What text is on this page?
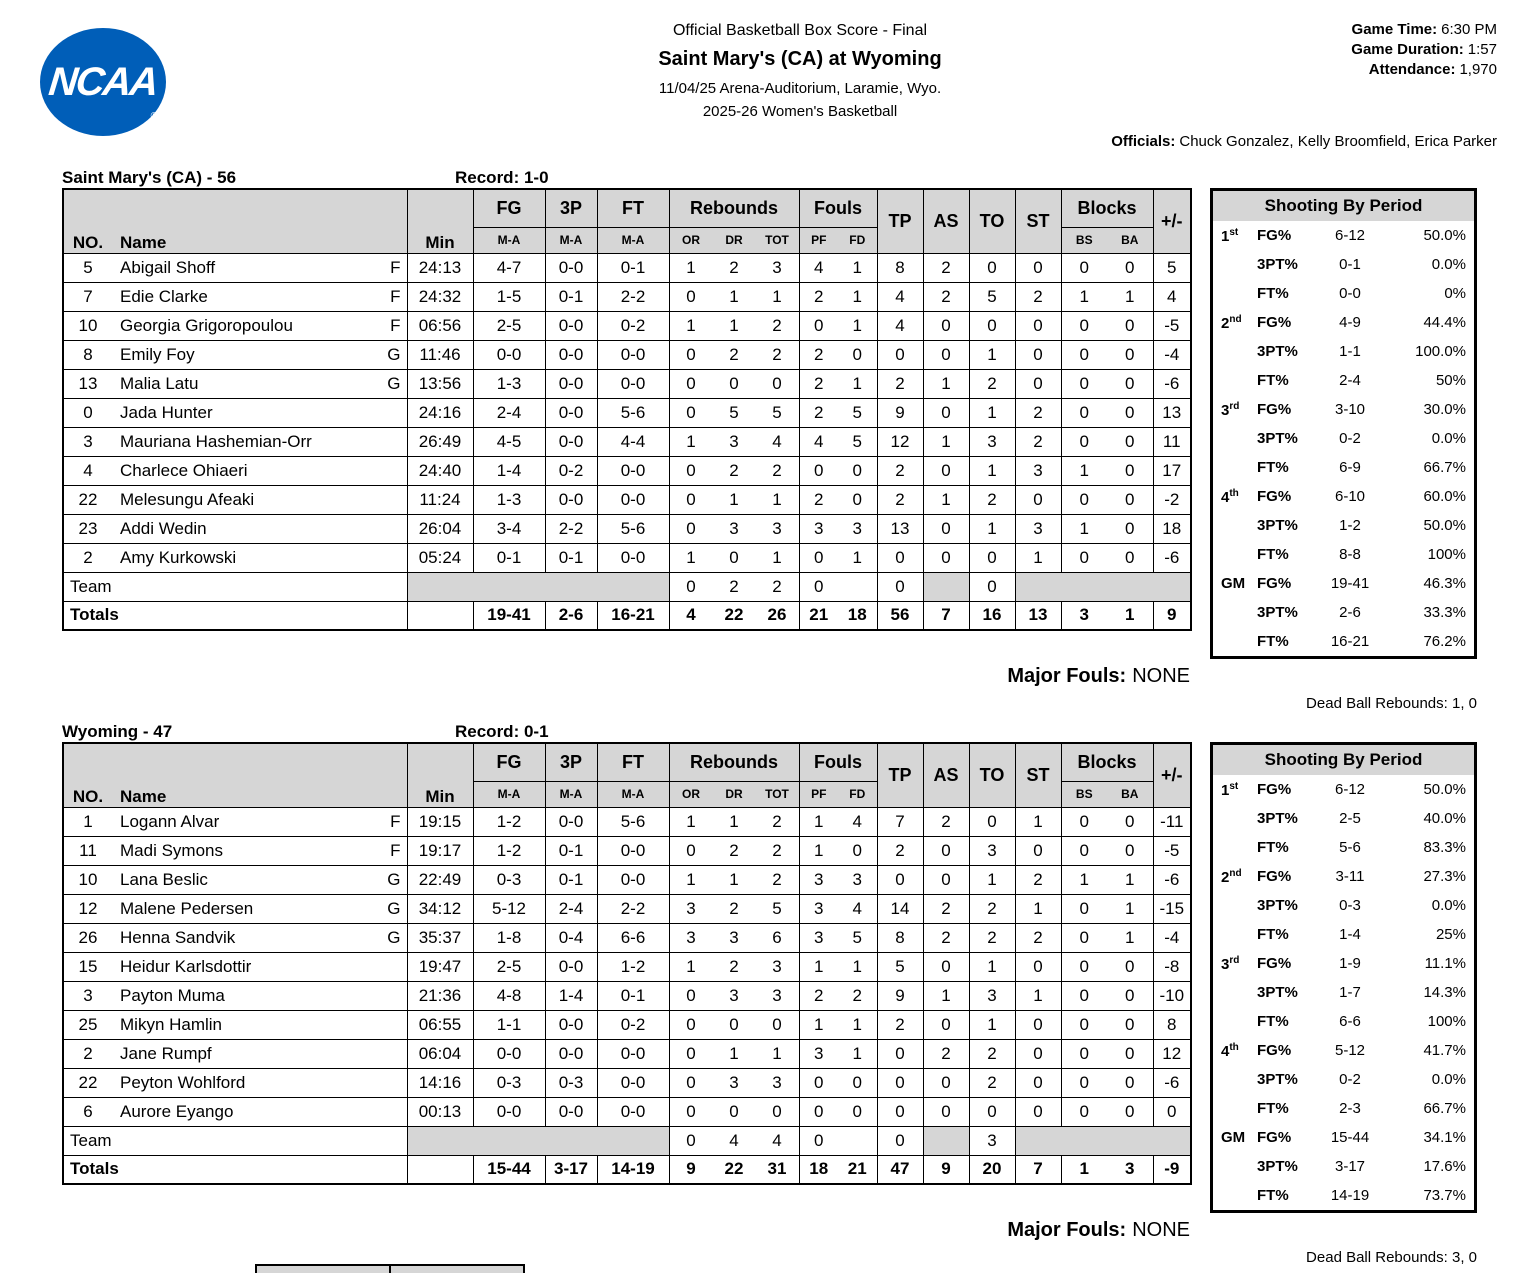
NCAA
®
Official Basketball Box Score - Final
Saint Mary's (CA) at Wyoming
11/04/25 Arena-Auditorium, Laramie, Wyo.
2025-26 Women's Basketball
Game Time: 6:30 PM
Game Duration: 1:57
Attendance: 1,970
Officials: Chuck Gonzalez, Kelly Broomfield, Erica Parker
Saint Mary's (CA) - 56	Record: 1-0
NO. Name	Min	FG	3P	FT	Rebounds	Fouls	TP	AS	TO	ST	Blocks	+/-
		M-A	M-A	M-A	OR DR TOT	PF FD					BS BA	

5 Abigail Shoff F	24:13	4-7	0-0	0-1	1 2 3	4 1	8	2	0	0	0 0	5

7 Edie Clarke F	24:32	1-5	0-1	2-2	0 1 1	2 1	4	2	5	2	1 1	4

10 Georgia Grigoropoulou F	06:56	2-5	0-0	0-2	1 1 2	0 1	4	0	0	0	0 0	-5

8 Emily Foy G	11:46	0-0	0-0	0-0	0 2 2	2 0	0	0	1	0	0 0	-4

13 Malia Latu G	13:56	1-3	0-0	0-0	0 0 0	2 1	2	1	2	0	0 0	-6

0 Jada Hunter	24:16	2-4	0-0	5-6	0 5 5	2 5	9	0	1	2	0 0	13

3 Mauriana Hashemian-Orr	26:49	4-5	0-0	4-4	1 3 4	4 5	12	1	3	2	0 0	11

4 Charlece Ohiaeri	24:40	1-4	0-2	0-0	0 2 2	0 0	2	0	1	3	1 0	17

22 Melesungu Afeaki	11:24	1-3	0-0	0-0	0 1 1	2 0	2	1	2	0	0 0	-2

23 Addi Wedin	26:04	3-4	2-2	5-6	0 3 3	3 3	13	0	1	3	1 0	18

2 Amy Kurkowski	05:24	0-1	0-1	0-0	1 0 1	0 1	0	0	0	1	0 0	-6

Team					0 2 2	0	0		0			

Totals		19-41	2-6	16-21	4 22 26	21 18	56	7	16	13	3 1	9
Major Fouls: NONE
Shooting By Period
1st	FG%	6-12	50.0%
3PT%	0-1	0.0%
FT%	0-0	0%
2nd	FG%	4-9	44.4%
3PT%	1-1	100.0%
FT%	2-4	50%
3rd	FG%	3-10	30.0%
3PT%	0-2	0.0%
FT%	6-9	66.7%
4th	FG%	6-10	60.0%
3PT%	1-2	50.0%
FT%	8-8	100%
GM FG%	19-41	46.3%
3PT%	2-6	33.3%
FT%	16-21	76.2%
Dead Ball Rebounds: 1, 0
Wyoming - 47	Record: 0-1
NO. Name	Min	FG	3P	FT	Rebounds	Fouls	TP	AS	TO	ST	Blocks	+/-
		M-A	M-A	M-A	OR DR TOT	PF FD					BS BA	

1 Logann Alvar F	19:15	1-2	0-0	5-6	1 1 2	1 4	7	2	0	1	0 0	-11

11 Madi Symons F	19:17	1-2	0-1	0-0	0 2 2	1 0	2	0	3	0	0 0	-5

10 Lana Beslic G	22:49	0-3	0-1	0-0	1 1 2	3 3	0	0	1	2	1 1	-6

12 Malene Pedersen G	34:12	5-12	2-4	2-2	3 2 5	3 4	14	2	2	1	0 1	-15

26 Henna Sandvik G	35:37	1-8	0-4	6-6	3 3 6	3 5	8	2	2	2	0 1	-4

15 Heidur Karlsdottir	19:47	2-5	0-0	1-2	1 2 3	1 1	5	0	1	0	0 0	-8

3 Payton Muma	21:36	4-8	1-4	0-1	0 3 3	2 2	9	1	3	1	0 0	-10

25 Mikyn Hamlin	06:55	1-1	0-0	0-2	0 0 0	1 1	2	0	1	0	0 0	8

2 Jane Rumpf	06:04	0-0	0-0	0-0	0 1 1	3 1	0	2	2	0	0 0	12

22 Peyton Wohlford	14:16	0-3	0-3	0-0	0 3 3	0 0	0	0	2	0	0 0	-6

6 Aurore Eyango	00:13	0-0	0-0	0-0	0 0 0	0 0	0	0	0	0	0 0	0

Team					0 4 4	0	0		3			

Totals		15-44	3-17	14-19	9 22 31	18 21	47	9	20	7	1 3	-9
Major Fouls: NONE
Shooting By Period
1st	FG%	6-12	50.0%
3PT%	2-5	40.0%
FT%	5-6	83.3%
2nd	FG%	3-11	27.3%
3PT%	0-3	0.0%
FT%	1-4	25%
3rd	FG%	1-9	11.1%
3PT%	1-7	14.3%
FT%	6-6	100%
4th	FG%	5-12	41.7%
3PT%	0-2	0.0%
FT%	2-3	66.7%
GM FG%	15-44	34.1%
3PT%	3-17	17.6%
FT%	14-19	73.7%
Dead Ball Rebounds: 3, 0
